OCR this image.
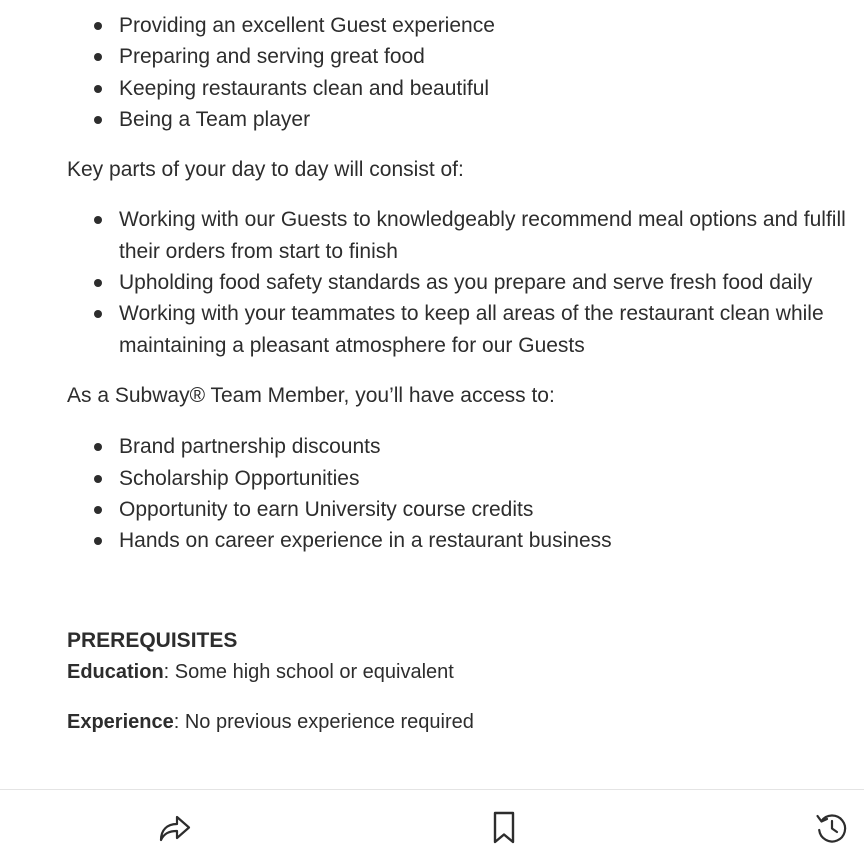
Providing an excellent Guest experience
Preparing and serving great food
Keeping restaurants clean and beautiful
Being a Team player

Key parts of your day to day will consist of:

Working with our Guests to knowledgeably recommend meal options and fulfill their orders from start to finish
Upholding food safety standards as you prepare and serve fresh food daily
Working with your teammates to keep all areas of the restaurant clean while maintaining a pleasant atmosphere for our Guests

As a Subway® Team Member, you’ll have access to:

Brand partnership discounts
Scholarship Opportunities
Opportunity to earn University course credits
Hands on career experience in a restaurant business
PREREQUISITES

Education: Some high school or equivalent

Experience: No previous experience required
